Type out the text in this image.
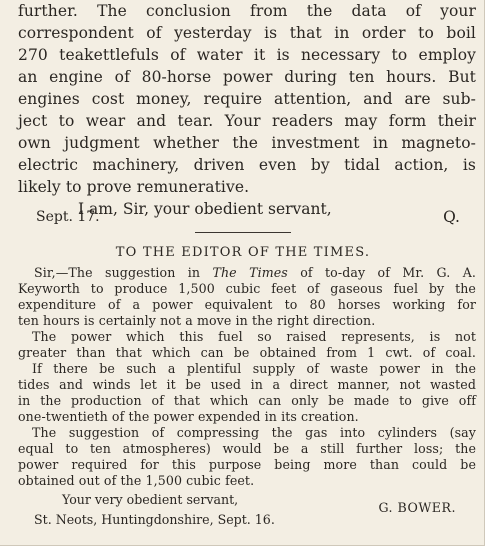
further. The conclusion from the data of your
correspondent of yesterday is that in order to boil
270 teakettlefuls of water it is necessary to employ
an engine of 80-horse power during ten hours. But
engines cost money, require attention, and are sub-
ject to wear and tear. Your readers may form their
own judgment whether the investment in magneto-
electric machinery, driven even by tidal action, is
likely to prove remunerative.
I am, Sir, your obedient servant,
Sept. 17.	Q.
TO THE EDITOR OF THE TIMES.
Sir,—The suggestion in The Times of to-day of Mr. G. A.
Keyworth to produce 1,500 cubic feet of gaseous fuel by the
expenditure of a power equivalent to 80 horses working for
ten hours is certainly not a move in the right direction.
The power which this fuel so raised represents, is not
greater than that which can be obtained from 1 cwt. of coal.
If there be such a plentiful supply of waste power in the
tides and winds let it be used in a direct manner, not wasted
in the production of that which can only be made to give off
one-twentieth of the power expended in its creation.
The suggestion of compressing the gas into cylinders (say
equal to ten atmospheres) would be a still further loss; the
power required for this purpose being more than could be
obtained out of the 1,500 cubic feet.
Your very obedient servant,
G. BOWER.
St. Neots, Huntingdonshire, Sept. 16.
